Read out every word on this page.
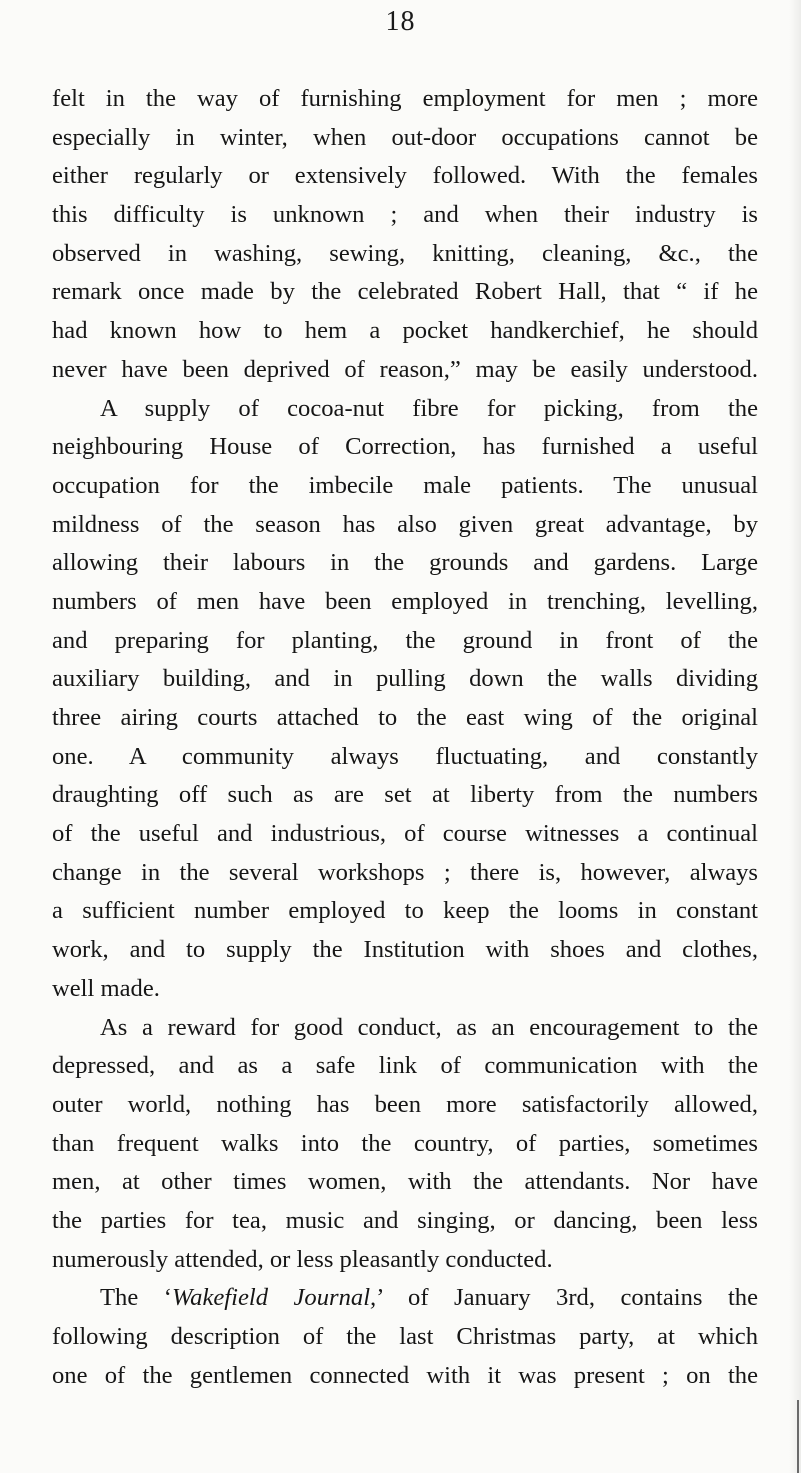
18
felt in the way of furnishing employment for men ; more
especially in winter, when out-door occupations cannot be
either regularly or extensively followed. With the females
this difficulty is unknown ; and when their industry is
observed in washing, sewing, knitting, cleaning, &c., the
remark once made by the celebrated Robert Hall, that “ if he
had known how to hem a pocket handkerchief, he should
never have been deprived of reason,” may be easily understood.
A supply of cocoa-nut fibre for picking, from the
neighbouring House of Correction, has furnished a useful
occupation for the imbecile male patients. The unusual
mildness of the season has also given great advantage, by
allowing their labours in the grounds and gardens. Large
numbers of men have been employed in trenching, levelling,
and preparing for planting, the ground in front of the
auxiliary building, and in pulling down the walls dividing
three airing courts attached to the east wing of the original
one. A community always fluctuating, and constantly
draughting off such as are set at liberty from the numbers
of the useful and industrious, of course witnesses a continual
change in the several workshops ; there is, however, always
a sufficient number employed to keep the looms in constant
work, and to supply the Institution with shoes and clothes,
well made.
As a reward for good conduct, as an encouragement to the
depressed, and as a safe link of communication with the
outer world, nothing has been more satisfactorily allowed,
than frequent walks into the country, of parties, sometimes
men, at other times women, with the attendants. Nor have
the parties for tea, music and singing, or dancing, been less
numerously attended, or less pleasantly conducted.
The ‘Wakefield Journal,’ of January 3rd, contains the
following description of the last Christmas party, at which
one of the gentlemen connected with it was present ; on the
